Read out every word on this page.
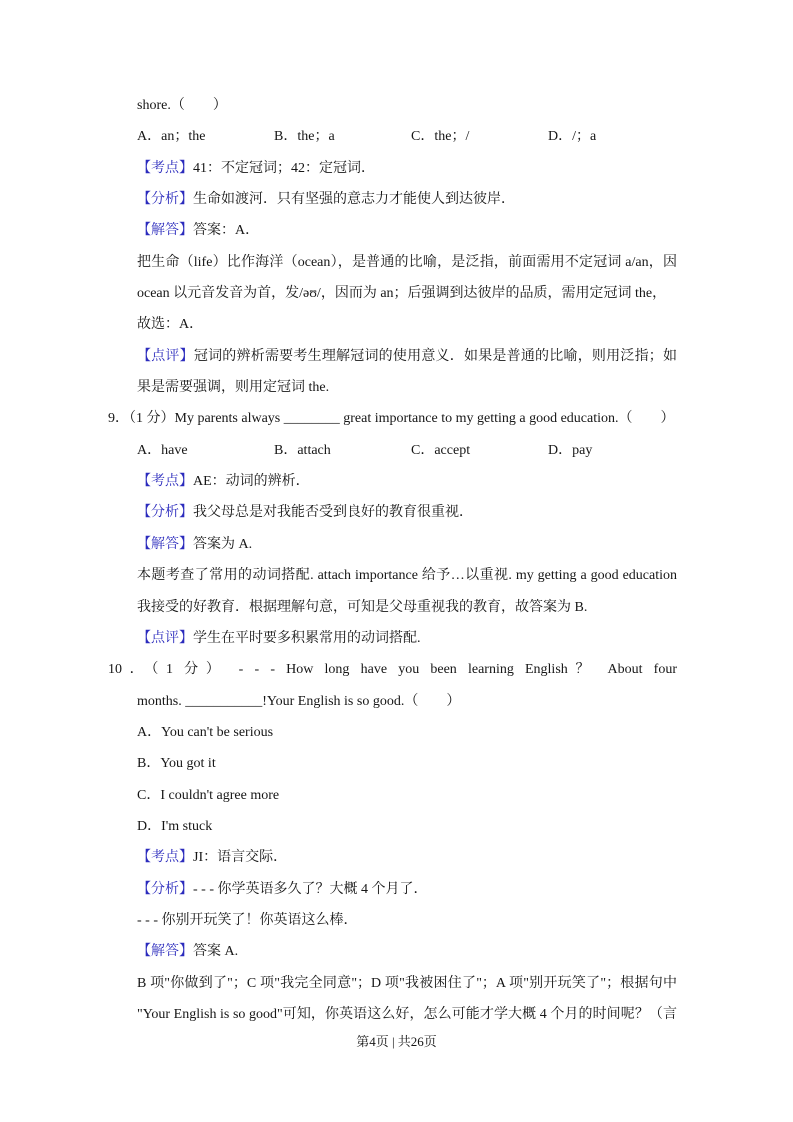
shore.（　　）
A．an；the	B．the；a	C．the；/	D．/；a
【考点】41：不定冠词；42：定冠词．
【分析】生命如渡河．只有坚强的意志力才能使人到达彼岸．
【解答】答案：A．
把生命（life）比作海洋（ocean），是普通的比喻，是泛指，前面需用不定冠词 a/an，因
ocean 以元音发音为首，发/əʊ/，因而为 an；后强调到达彼岸的品质，需用定冠词 the，
故选：A．
【点评】冠词的辨析需要考生理解冠词的使用意义．如果是普通的比喻，则用泛指；如
果是需要强调，则用定冠词 the.
9．（1 分）My parents always ________ great importance to my getting a good education.（　　）
A．have	B．attach	C．accept	D．pay
【考点】AE：动词的辨析．
【分析】我父母总是对我能否受到良好的教育很重视．
【解答】答案为 A.
本题考查了常用的动词搭配. attach importance 给予…以重视. my getting a good education
我接受的好教育．根据理解句意，可知是父母重视我的教育，故答案为 B.
【点评】学生在平时要多积累常用的动词搭配.
10．（1 分） - - - How long have you been learning English？ About four
months. ___________!Your English is so good.（　　）
A．You can't be serious
B．You got it
C．I couldn't agree more
D．I'm stuck
【考点】JI：语言交际．
【分析】- - - 你学英语多久了？大概 4 个月了．
- - - 你别开玩笑了！你英语这么棒．
【解答】答案 A.
B 项"你做到了"；C 项"我完全同意"；D 项"我被困住了"；A 项"别开玩笑了"；根据句中
"Your English is so good"可知，你英语这么好，怎么可能才学大概 4 个月的时间呢？（言
第4页 | 共26页
